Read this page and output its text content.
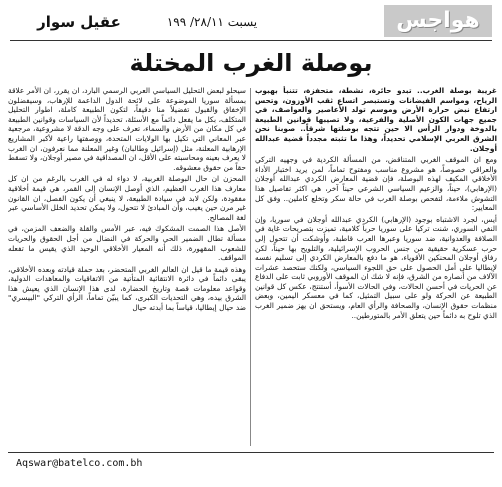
هواجس
يسبت ٢٨/١١/ ١٩٩
عقيل سوار
بوصلة الغرب المختلة

غريبة بوصلة الغرب.. تبدو حائرة، نشطة، متحفزة، تتنبأ بهبوب الرياح، ومواسم الفيضانات وتستبصر اتساع ثقب الأوزون، وتحس ارتفاع نبض حرارة الأرض وموسم تولد الأعاصير والعواصف، في جميع جهات الكون الأصلية والفرعية، ولا تصيبها قوانين الطبيعة بالدوخة ودوار الرأس الا حين تتجه بوصلتها شرقاً.. صوبنا نحن الشرق العربي الإسلامي تحديداً، وهذا ما تثبته مجدداً قضية عبدالله أوجلان.

ومع ان الموقف الغربي المتناقض، من المسألة الكردية في وجهيه التركي والعراقي خصوصاً، هو مشروع مناسب ومفتوح تماماً، لمن يريد اختبار الأداء الأخلاقي المكيف لهذه البوصلة، فإن قضية المعارض الكردي عبدالله أوجلان (الإرهابي)، حيناً، والزعيم السياسي الشرعي حيناً آخر، هي اكثر تفاصيل هذا التشوش ملاءمة، لتفحص بوصلة الغرب في حالة سكر وتخلع كاملين.. وفق كل المعايير:

أيس، لجرد الاشتباه بوجود (الإرهابي) الكردي عبدالله أوجلان في سوريا، وإن النفي السوري، شنت تركيا على سوريا حرباً كلامية، تميزت بتصريحات غاية في الصلافة والعدوانية، ضد سوريا وعبرها العرب قاطبة، وأوشكت أن تتحول إلى حرب عسكرية حقيقية من جنس الحروب الإسرائيلية، والتلويح بها حيناً، لكن رفاق أوجلان المحنكين الأقوياء، هو ما دفع بالمعارض الكردي إلى تسليم نفسه لإيطاليا على أمل الحصول على حق اللجوء السياسي، ولكنك ستحصد عشرات الآلاف من أنصاره من الشرق، فإنه لا شك ان الموقف الأوروبي ثابت على الدفاع عن الحريات في أحسن الحالات، وفي الحالات الأسوأ، أستنتج، عكس كل قوانين الطبيعة عن الحركة ولو على سبيل التمثيل، كما في معسكر اليمين، وبعض منظمات حقوق الإنسان، والصحافة والرأي العام، ويستحق ان يهز ضمير الغرب الذي تلوح به دائماً حين يتعلق الأمر بالمتورطين..

سيحلو لبعض التحليل السياسي العربي الرسمي البارد، ان يقرر، ان الأمر علاقة بمسألة سوريا الموضوعة على لائحة الدول الداعمة للإرهاب، وسيفضلون الإخفاق والقبول تفضيلاً منا دقيقاً، لتكون الطبيعة كاملة، اطوار التحليل المتكلف، بكل ما يفعل دائماً مع الأسئلة، تحديداً لأن السياسات وقوانين الطبيعة في كل مكان من الأرض والسماء، تعرف على وجه الدقة لا مشروعية، مرجعية عبر المعاني التي تكيل بها الولايات المتحدة، ووصفتها راعية لأكبر المشاريع الإرهابية المعلنة، مثل (إسرائيل وطالبان) وغير المعلنة مما نعرفون، ان الغرب لا يعرف بعينه ومحاسبته على الأقل، ان المصداقية في مصير أوجلان، ولا تسقط حقاً من حقوق معشوقه.

المحزن ان حال البوصلة الغربية، لا دواء له في الغرب بالرغم من ان كل معارف هذا الغرب العظيم، الذي أوصل الإنسان إلى القمر، هي قيمة أخلاقية مفقودة، ولكن لابد في سيادة الطبيعة، لا ينبغي أن يكون الفصل، ان القانون غير مرن حين يغيب، وأن المبادئ لا تتحول، ولا يمكن تحديد الخلل الأساسي عبر لغة المصالح.

الأصل هذا الصمت المشكوك فيه، عبر الأمس والقلة والضعف المزمن، في مسألة تطال الضمير الحي والحركة في النضال من أجل الحقوق والحريات للشعوب المقهورة، ذلك أنه المعيار الأخلاقي الوحيد الذي يقيس ما تفعله المواقف.

وهذه قيمة ما قيل ان العالم الغربي المتحضر، بعد حملة قيادته وبعده الأخلاقي، يبقى دائماً في دائرة الانتقائية المتأتية من الاتفاقيات والمعاهدات الدولية، وقواعد معلومات قصة وتاريخ الحضارة، لدى هذا الإنسان الذي يعيش هذا الشرق بيده، وهي التحديات الكبرى، كما يبيّن تماماً، الرأي التركي "البيسري" ضد حيال إيطاليا، قياساً بما أبدته حيال

Aqswar@batelco.com.bh
